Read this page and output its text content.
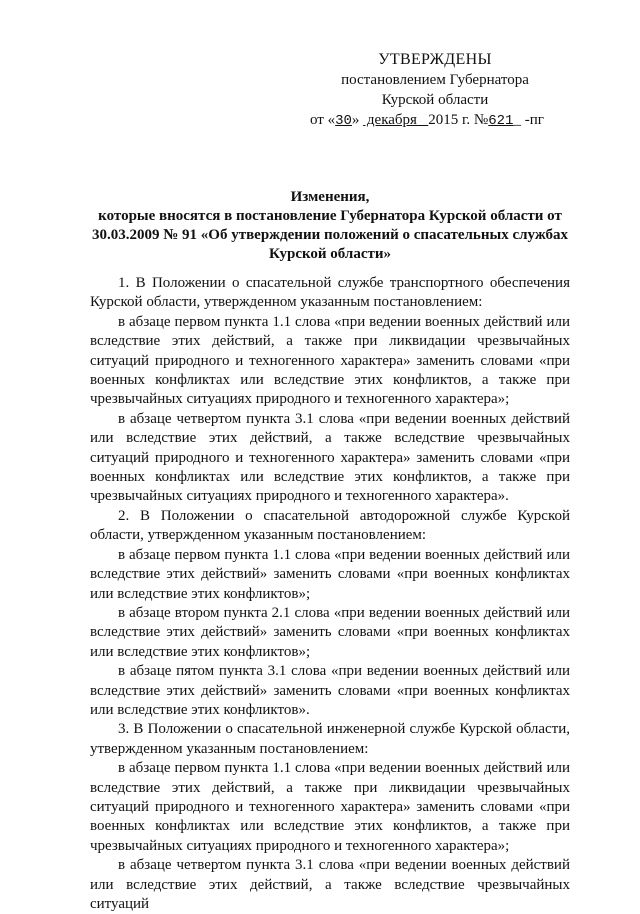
УТВЕРЖДЕНЫ
постановлением Губернатора
Курской области
от «30»  декабря   2015 г. №621_ -пг
Изменения,
которые вносятся в постановление Губернатора Курской области от
30.03.2009 № 91 «Об утверждении положений о спасательных службах
Курской области»

1. В Положении о спасательной службе транспортного обеспечения Курской области, утвержденном указанным постановлением:

в абзаце первом пункта 1.1 слова «при ведении военных действий или вследствие этих действий, а также при ликвидации чрезвычайных ситуаций природного и техногенного характера» заменить словами «при военных конфликтах или вследствие этих конфликтов, а также при чрезвычайных ситуациях природного и техногенного характера»;

в абзаце четвертом пункта 3.1 слова «при ведении военных действий или вследствие этих действий, а также вследствие чрезвычайных ситуаций природного и техногенного характера» заменить словами «при военных конфликтах или вследствие этих конфликтов, а также при чрезвычайных ситуациях природного и техногенного характера».

2. В Положении о спасательной автодорожной службе Курской области, утвержденном указанным постановлением:

в абзаце первом пункта 1.1 слова «при ведении военных действий или вследствие этих действий» заменить словами «при военных конфликтах или вследствие этих конфликтов»;

в абзаце втором пункта 2.1 слова «при ведении военных действий или вследствие этих действий» заменить словами «при военных конфликтах или вследствие этих конфликтов»;

в абзаце пятом пункта 3.1 слова «при ведении военных действий или вследствие этих действий» заменить словами «при военных конфликтах или вследствие этих конфликтов».

3. В Положении о спасательной инженерной службе Курской области, утвержденном указанным постановлением:

в абзаце первом пункта 1.1 слова «при ведении военных действий или вследствие этих действий, а также при ликвидации чрезвычайных ситуаций природного и техногенного характера» заменить словами «при военных конфликтах или вследствие этих конфликтов, а также при чрезвычайных ситуациях природного и техногенного характера»;

в абзаце четвертом пункта 3.1 слова «при ведении военных действий или вследствие этих действий, а также вследствие чрезвычайных ситуаций
